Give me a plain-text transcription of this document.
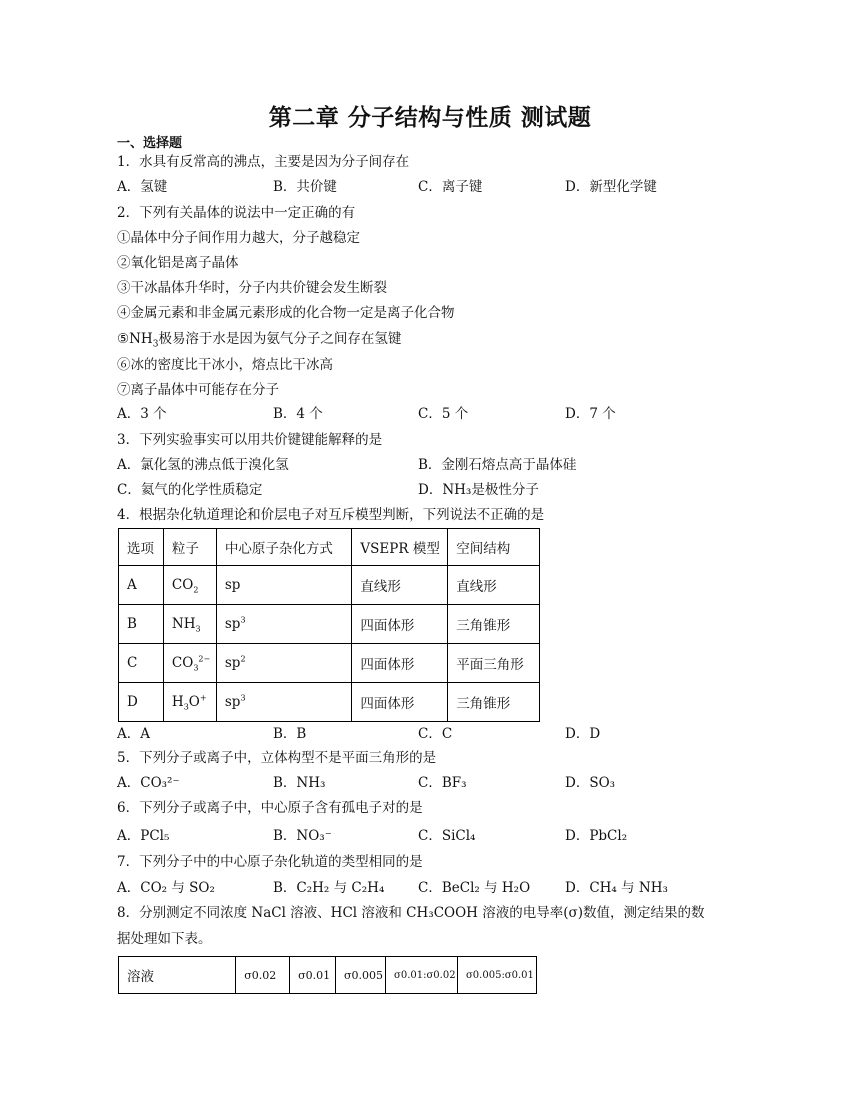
第二章 分子结构与性质 测试题
一、选择题
1．水具有反常高的沸点，主要是因为分子间存在
A．氢键	B．共价键	C．离子键	D．新型化学键
2．下列有关晶体的说法中一定正确的有
①晶体中分子间作用力越大，分子越稳定
②氧化铝是离子晶体
③干冰晶体升华时，分子内共价键会发生断裂
④金属元素和非金属元素形成的化合物一定是离子化合物
$⑤NH_3$极易溶于水是因为氨气分子之间存在氢键
⑥冰的密度比干冰小，熔点比干冰高
⑦离子晶体中可能存在分子
A．3 个	B．4 个	C．5 个	D．7 个
3．下列实验事实可以用共价键键能解释的是
A．氯化氢的沸点低于溴化氢	B．金刚石熔点高于晶体硅
C．氦气的化学性质稳定	D．NH₃是极性分子
4．根据杂化轨道理论和价层电子对互斥模型判断，下列说法不正确的是
选项	粒子	中心原子杂化方式	VSEPR 模型	空间结构
A	$CO_2$	sp	直线形	直线形
B	$NH_3$	$sp^3$	四面体形	三角锥形
C	$CO_3^{2-}$	$sp^2$	四面体形	平面三角形
D	$H_3O^+$	$sp^3$	四面体形	三角锥形
A．A	B．B	C．C	D．D
5．下列分子或离子中，立体构型不是平面三角形的是
A．CO₃²⁻	B．NH₃	C．BF₃	D．SO₃
6．下列分子或离子中，中心原子含有孤电子对的是
A．PCl₅	B．NO₃⁻	C．SiCl₄	D．PbCl₂
7．下列分子中的中心原子杂化轨道的类型相同的是
A．CO₂ 与 SO₂	B．C₂H₂ 与 C₂H₄ C．BeCl₂ 与 H₂O	D．CH₄ 与 NH₃
8．分别测定不同浓度 NaCl 溶液、HCl 溶液和 CH₃COOH 溶液的电导率(σ)数值，测定结果的数
据处理如下表。
溶液	σ0.02	σ0.01	σ0.005	σ0.01:σ0.02	σ0.005:σ0.01
